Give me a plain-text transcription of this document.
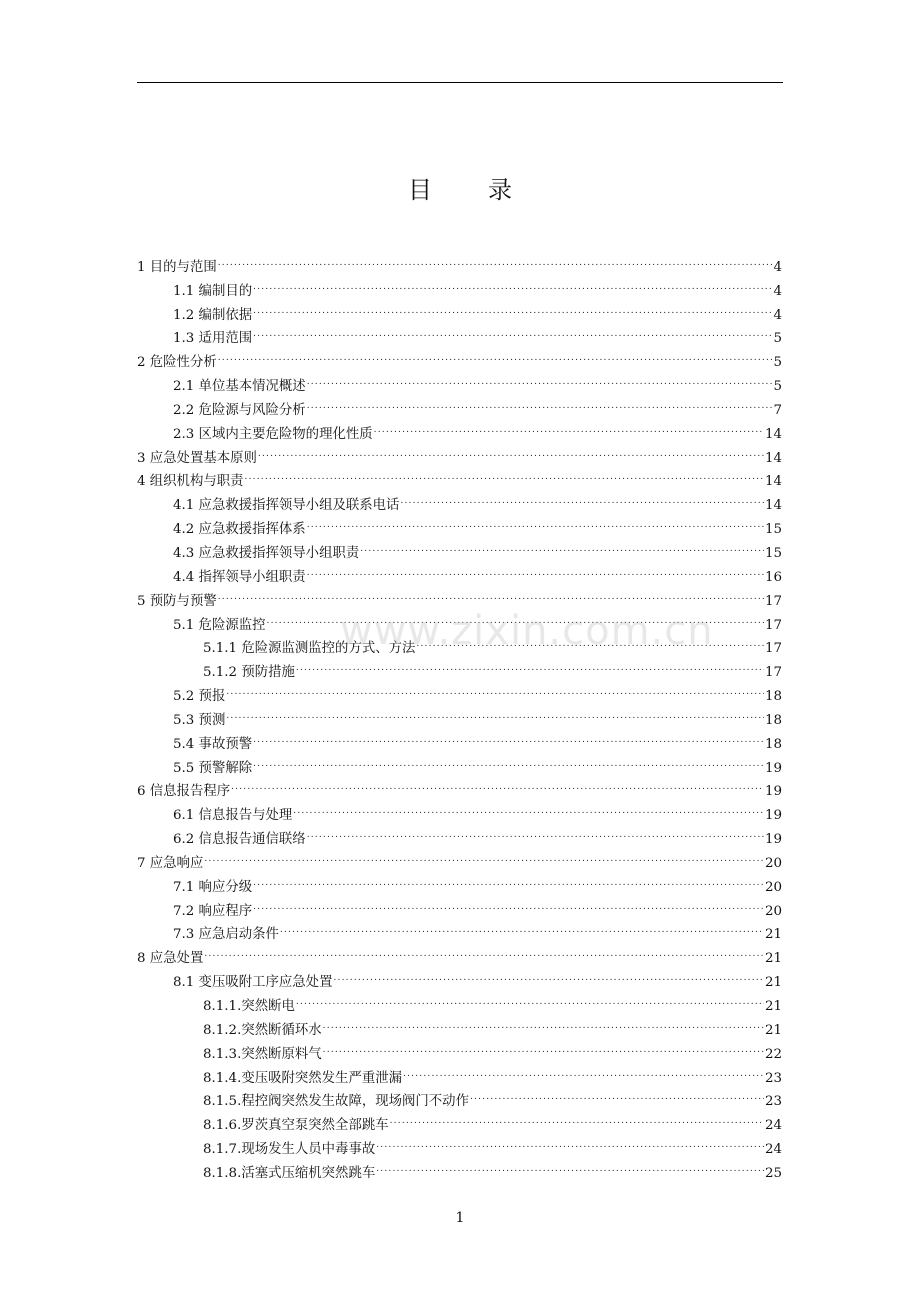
目 录
1 目的与范围 .....	4
1.1 编制目的 .....	4
1.2 编制依据 .....	4
1.3 适用范围 .....	5
2 危险性分析 .....	5
2.1 单位基本情况概述 .....	5
2.2 危险源与风险分析 .....	7
2.3 区域内主要危险物的理化性质 .....	14
3 应急处置基本原则 .....	14
4 组织机构与职责 .....	14
4.1 应急救援指挥领导小组及联系电话 .....	14
4.2 应急救援指挥体系 .....	15
4.3 应急救援指挥领导小组职责 .....	15
4.4 指挥领导小组职责 .....	16
5 预防与预警 .....	17
5.1 危险源监控 .....	17
5.1.1 危险源监测监控的方式、方法 .....	17
5.1.2 预防措施 .....	17
5.2 预报 .....	18
5.3 预测 .....	18
5.4 事故预警 .....	18
5.5 预警解除 .....	19
6 信息报告程序 .....	19
6.1 信息报告与处理 .....	19
6.2 信息报告通信联络 .....	19
7 应急响应 .....	20
7.1 响应分级 .....	20
7.2 响应程序 .....	20
7.3 应急启动条件 .....	21
8 应急处置 .....	21
8.1 变压吸附工序应急处置 .....	21
8.1.1.突然断电 .....	21
8.1.2.突然断循环水 .....	21
8.1.3.突然断原料气 .....	22
8.1.4.变压吸附突然发生严重泄漏 .....	23
8.1.5.程控阀突然发生故障，现场阀门不动作 .....	23
8.1.6.罗茨真空泵突然全部跳车 .....	24
8.1.7.现场发生人员中毒事故 .....	24
8.1.8.活塞式压缩机突然跳车 .....	25
www.zixin.com.cn
1
